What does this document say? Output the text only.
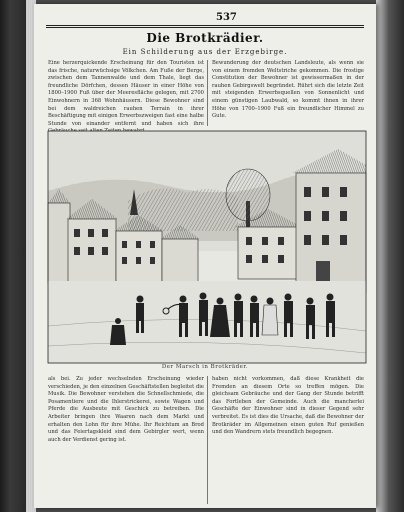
537
Die Brotkrädier.
Ein Schilderung aus der Erzgebirge.
Eine herzerquickende Erscheinung für den Touristen ist das frische, naturwüchsige Völkchen. Am Fuße der Berge, zwischen dem Tannenwalde und dem Thale, liegt das freundliche Dörfchen, dessen Häuser in einer Höhe von 1800–1900 Fuß über der Meeresfläche gelegen, mit 2700 Einwohnern in 368 Wohnhäusern. Diese Bewohner sind bei dem waldreichen rauhen Terrain in ihrer Beschäftigung mit einigen Erwerbszweigen fast eine halbe Stunde von einander entfernt und haben sich ihre
Bewunderung der deutschen Landsleute, als wenn sie von einem fremden Weltstriche gekommen. Die frostige Constitution der Bewohner ist gewissermaßen in der rauhen Gebirgswelt begründet. Rührt sich die letzte Zeit mit steigenden Erwerbsquellen von Sonnenlicht und einem günstigen Laubwald, so kommt ihnen in ihrer Höhe von 1700–1900 Fuß ein freundlicher Himmel zu Gute.
Der Marsch in Brotkräder.
als bei. Zu jeder wechselnden Erscheinung wieder verschieden, je den einzelnen Geschäftstellen begleitet die Musik. Die Bewohner verstehen die Schnellschmiede, die Posamentiere und die Ihlerstrickerei, sowie Wagen und Pferde die Ausbeute mit Geschick zu betreiben. Die Arbeiter bringen ihre Waaren nach dem Markt und erhalten den Lohn für ihre Mühe. Ihr Reichtum an Brod und das Feiertagskleid sind dem Gebirgler wert, wenn auch der Verdienst gering ist.
haben nicht vorkommen, daß diese Krankheit die Fremden an diesem Orte so treffen mögen. Die gleichsam Gebräuche und der Gang der Stunde betrifft das Fortleben der Gemeinde. Auch die mancherlei Geschäfte der Einwohner sind in dieser Gegend sehr verbreitet. Es ist dies die Ursache, daß die Bewohner der Brotkräder im Allgemeinen einen guten Ruf genießen und den Wandrern stets freundlich begegnen.
